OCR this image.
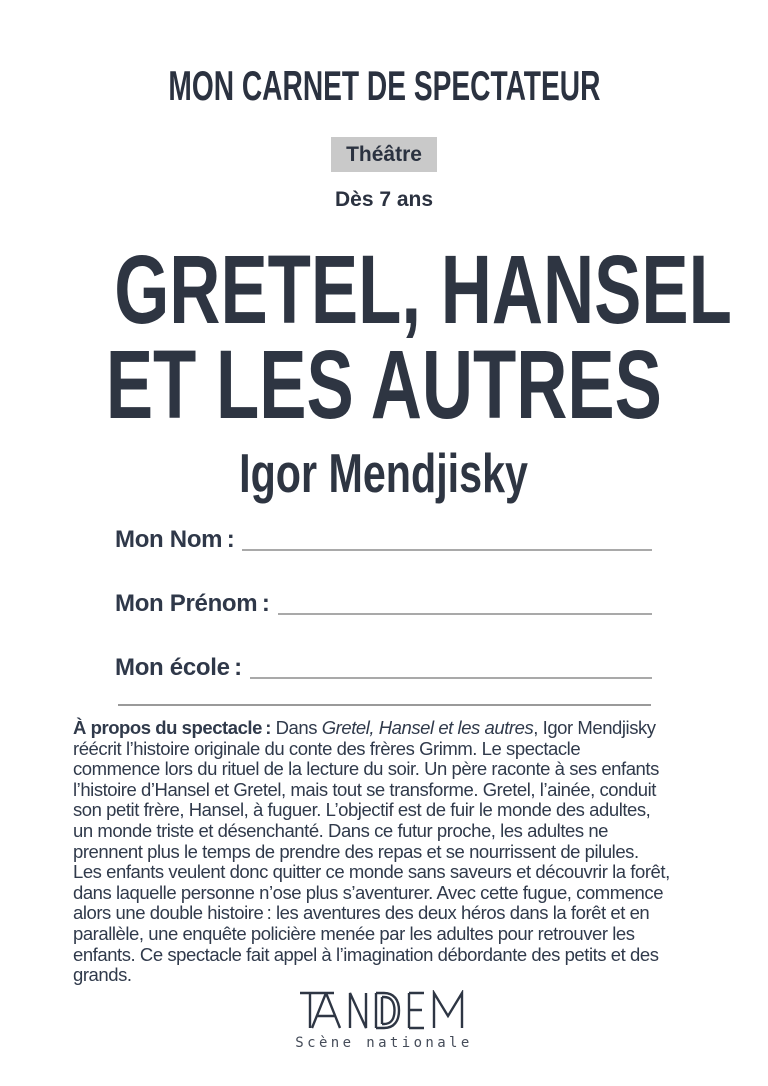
MON CARNET DE SPECTATEUR
Théâtre
Dès 7 ans
GRETEL, HANSEL
ET LES AUTRES
Igor Mendjisky
Mon Nom :
Mon Prénom :
Mon école :

À propos du spectacle : Dans Gretel, Hansel et les autres, Igor Mendjisky réécrit l’histoire originale du conte des frères Grimm. Le spectacle commence lors du rituel de la lecture du soir. Un père raconte à ses enfants l’histoire d’Hansel et Gretel, mais tout se transforme. Gretel, l’ainée, conduit son petit frère, Hansel, à fuguer. L’objectif est de fuir le monde des adultes, un monde triste et désenchanté. Dans ce futur proche, les adultes ne prennent plus le temps de prendre des repas et se nourrissent de pilules. Les enfants veulent donc quitter ce monde sans saveurs et découvrir la forêt, dans laquelle personne n’ose plus s’aventurer. Avec cette fugue, commence alors une double histoire : les aventures des deux héros dans la forêt et en parallèle, une enquête policière menée par les adultes pour retrouver les enfants. Ce spectacle fait appel à l’imagination débordante des petits et des grands.

Scène nationale
